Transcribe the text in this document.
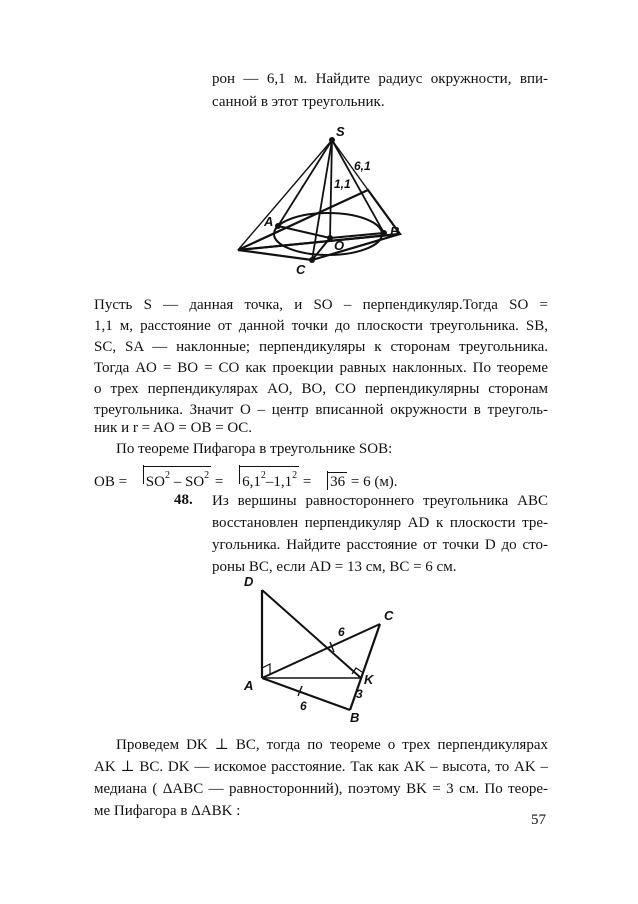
рон — 6,1 м. Найдите радиус окружности, впи-
санной в этот треугольник.
S
A
B
C
O
6,1
1,1
Пусть S — данная точка, и SO – перпендикуляр.Тогда SO =
1,1 м, расстояние от данной точки до плоскости треугольника. SB,
SC, SA — наклонные; перпендикуляры к сторонам треугольника.
Тогда AO = BO = CO как проекции равных наклонных. По теореме
о трех перпендикулярах AO, BO, CO перпендикулярны сторонам
треугольника. Значит O – центр вписанной окружности в треуголь-
ник и r = AO = OB = OC.
По теореме Пифагора в треугольнике SOB:
OB = $SO^2 - SO^2 = 6,1^2-1,1^2 = 36 = 6$ (м).
48. Из вершины равностороннего треугольника ABC
восстановлен перпендикуляр AD к плоскости тре-
угольника. Найдите расстояние от точки D до сто-
роны BC, если AD = 13 см, BC = 6 см.
D
A
B
C
K
6
6
3
Проведем DK ⊥ BC, тогда по теореме о трех перпендикулярах
AK ⊥ BC. DK — искомое расстояние. Так как AK – высота, то AK –
медиана ( ΔABC — равносторонний), поэтому BK = 3 см. По теоре-
ме Пифагора в ΔABK :
57
